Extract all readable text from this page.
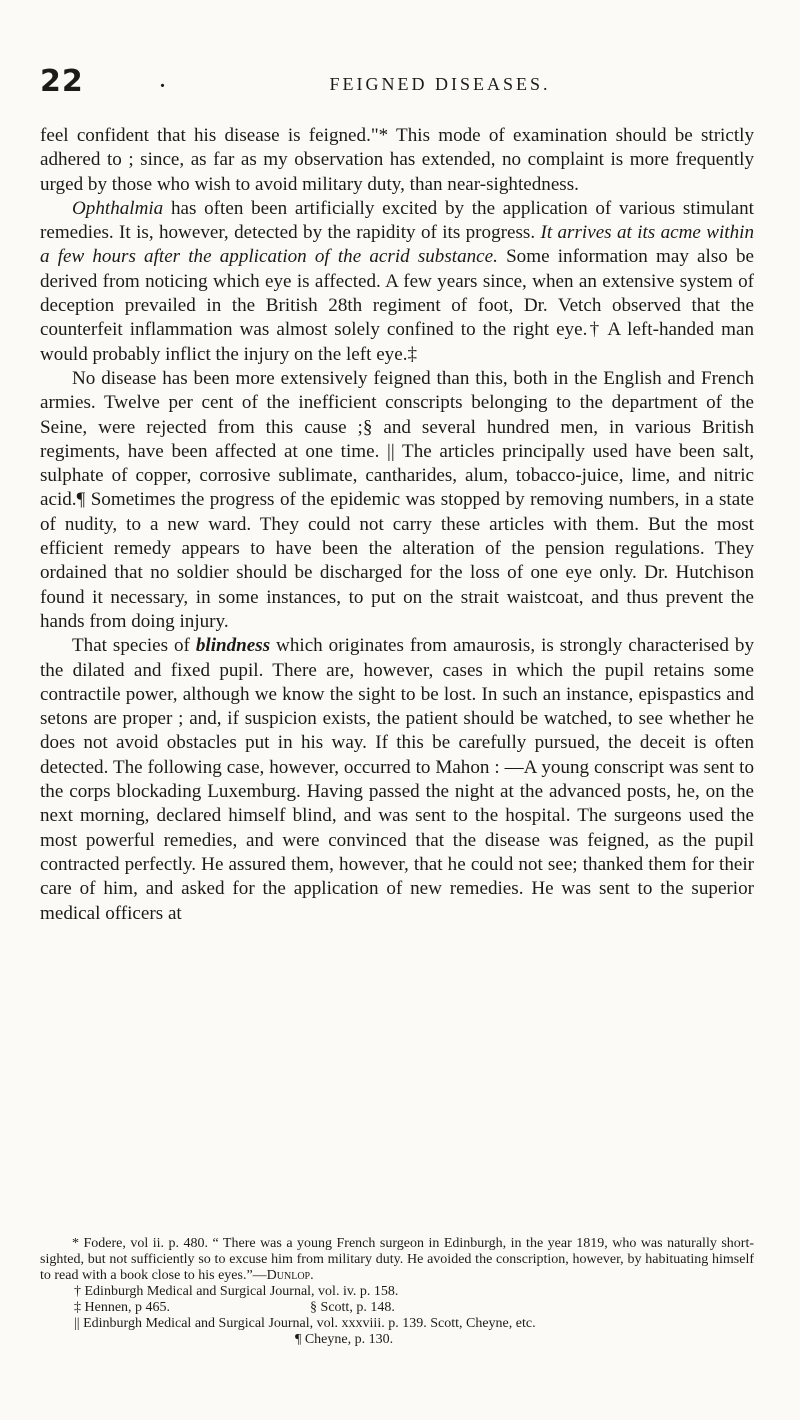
22	.	FEIGNED DISEASES.

feel confident that his disease is feigned."* This mode of examination should be strictly adhered to ; since, as far as my observation has extended, no complaint is more frequently urged by those who wish to avoid military duty, than near-sightedness.

Ophthalmia has often been artificially excited by the application of various stimulant remedies. It is, however, detected by the rapidity of its progress. It arrives at its acme within a few hours after the application of the acrid substance. Some information may also be derived from noticing which eye is affected. A few years since, when an extensive system of deception prevailed in the British 28th regiment of foot, Dr. Vetch observed that the counterfeit inflammation was almost solely confined to the right eye.† A left-handed man would probably inflict the injury on the left eye.‡

No disease has been more extensively feigned than this, both in the English and French armies. Twelve per cent of the inefficient conscripts belonging to the department of the Seine, were rejected from this cause ;§ and several hundred men, in various British regiments, have been affected at one time. || The articles principally used have been salt, sulphate of copper, corrosive sublimate, cantharides, alum, tobacco-juice, lime, and nitric acid.¶ Sometimes the progress of the epidemic was stopped by removing numbers, in a state of nudity, to a new ward. They could not carry these articles with them. But the most efficient remedy appears to have been the alteration of the pension regulations. They ordained that no soldier should be discharged for the loss of one eye only. Dr. Hutchison found it necessary, in some instances, to put on the strait waistcoat, and thus prevent the hands from doing injury.

That species of blindness which originates from amaurosis, is strongly characterised by the dilated and fixed pupil. There are, however, cases in which the pupil retains some contractile power, although we know the sight to be lost. In such an instance, epispastics and setons are proper ; and, if suspicion exists, the patient should be watched, to see whether he does not avoid obstacles put in his way. If this be carefully pursued, the deceit is often detected. The following case, however, occurred to Mahon : —A young conscript was sent to the corps blockading Luxemburg. Having passed the night at the advanced posts, he, on the next morning, declared himself blind, and was sent to the hospital. The surgeons used the most powerful remedies, and were convinced that the disease was feigned, as the pupil contracted perfectly. He assured them, however, that he could not see; thanked them for their care of him, and asked for the application of new remedies. He was sent to the superior medical officers at

* Fodere, vol ii. p. 480. “ There was a young French surgeon in Edinburgh, in the year 1819, who was naturally short-sighted, but not sufficiently so to excuse him from military duty. He avoided the conscription, however, by habituating himself to read with a book close to his eyes.”—Dunlop.

† Edinburgh Medical and Surgical Journal, vol. iv. p. 158.

‡ Hennen, p 465.	§ Scott, p. 148.

|| Edinburgh Medical and Surgical Journal, vol. xxxviii. p. 139. Scott, Cheyne, etc.

¶ Cheyne, p. 130.
